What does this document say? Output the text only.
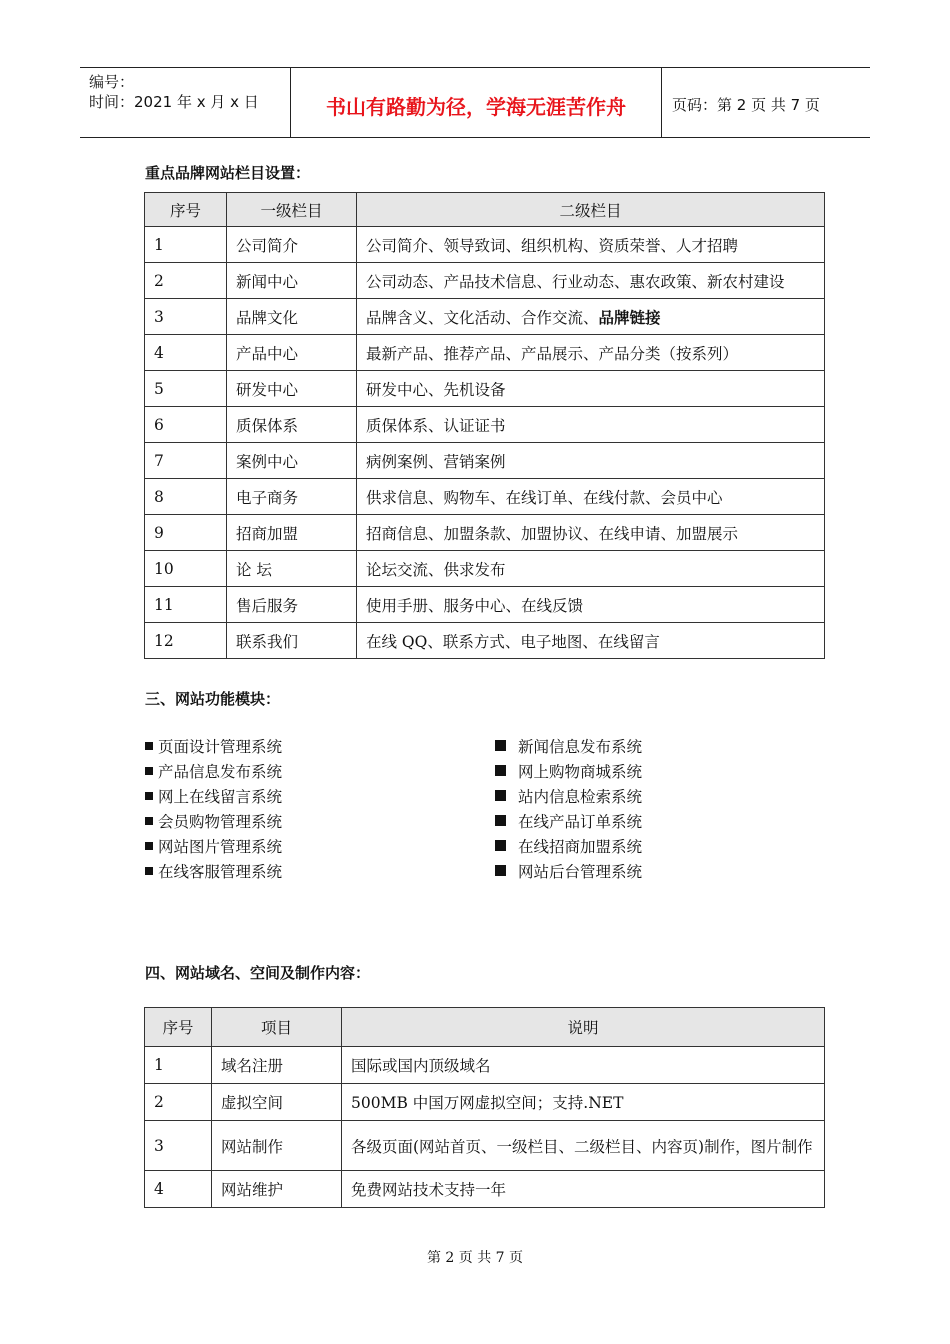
编号：
时间：2021 年 x 月 x 日	书山有路勤为径，学海无涯苦作舟	页码：第 2 页 共 7 页
重点品牌网站栏目设置：
序号	一级栏目	二级栏目
1	公司简介	公司简介、领导致词、组织机构、资质荣誉、人才招聘
2	新闻中心	公司动态、产品技术信息、行业动态、惠农政策、新农村建设
3	品牌文化	品牌含义、文化活动、合作交流、品牌链接
4	产品中心	最新产品、推荐产品、产品展示、产品分类（按系列）
5	研发中心	研发中心、先机设备
6	质保体系	质保体系、认证证书
7	案例中心	病例案例、营销案例
8	电子商务	供求信息、购物车、在线订单、在线付款、会员中心
9	招商加盟	招商信息、加盟条款、加盟协议、在线申请、加盟展示
10	论 坛	论坛交流、供求发布
11	售后服务	使用手册、服务中心、在线反馈
12	联系我们	在线 QQ、联系方式、电子地图、在线留言
三、网站功能模块：
页面设计管理系统
产品信息发布系统
网上在线留言系统
会员购物管理系统
网站图片管理系统
在线客服管理系统
新闻信息发布系统
网上购物商城系统
站内信息检索系统
在线产品订单系统
在线招商加盟系统
网站后台管理系统
四、网站域名、空间及制作内容：
序号	项目	说明
1	域名注册	国际或国内顶级域名
2	虚拟空间	500MB 中国万网虚拟空间；支持.NET
3	网站制作	各级页面(网站首页、一级栏目、二级栏目、内容页)制作，图片制作
4	网站维护	免费网站技术支持一年
第 2 页 共 7 页
